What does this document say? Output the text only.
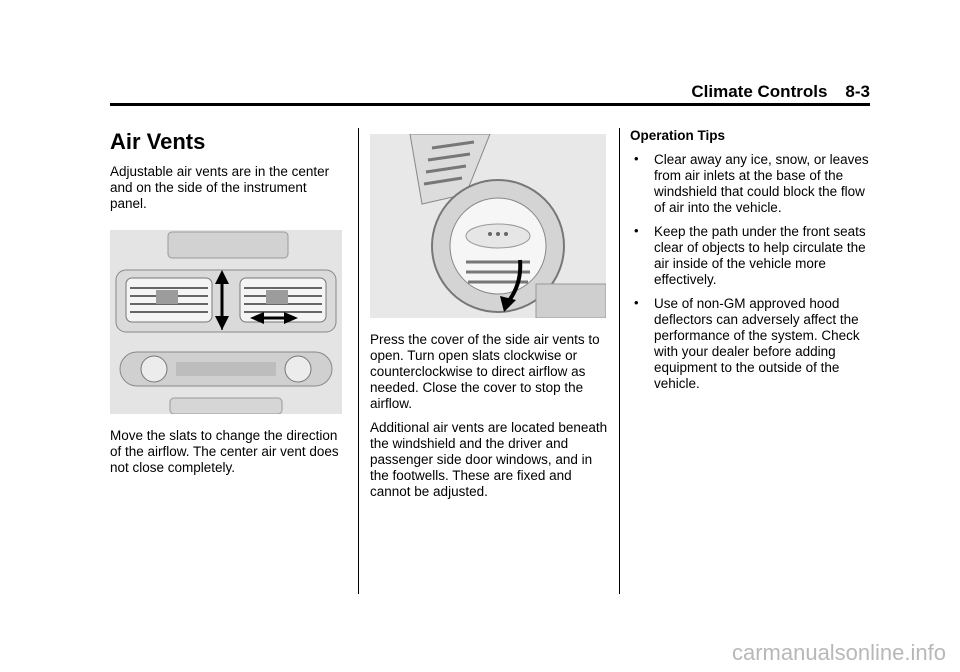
Climate Controls 8-3
Air Vents

Adjustable air vents are in the center and on the side of the instrument panel.

Move the slats to change the direction of the airflow. The center air vent does not close completely.

Press the cover of the side air vents to open. Turn open slats clockwise or counterclockwise to direct airflow as needed. Close the cover to stop the airflow.

Additional air vents are located beneath the windshield and the driver and passenger side door windows, and in the footwells. These are fixed and cannot be adjusted.

Operation Tips

• Clear away any ice, snow, or leaves from air inlets at the base of the windshield that could block the flow of air into the vehicle.
• Keep the path under the front seats clear of objects to help circulate the air inside of the vehicle more effectively.
• Use of non-GM approved hood deflectors can adversely affect the performance of the system. Check with your dealer before adding equipment to the outside of the vehicle.
carmanualsonline.info
